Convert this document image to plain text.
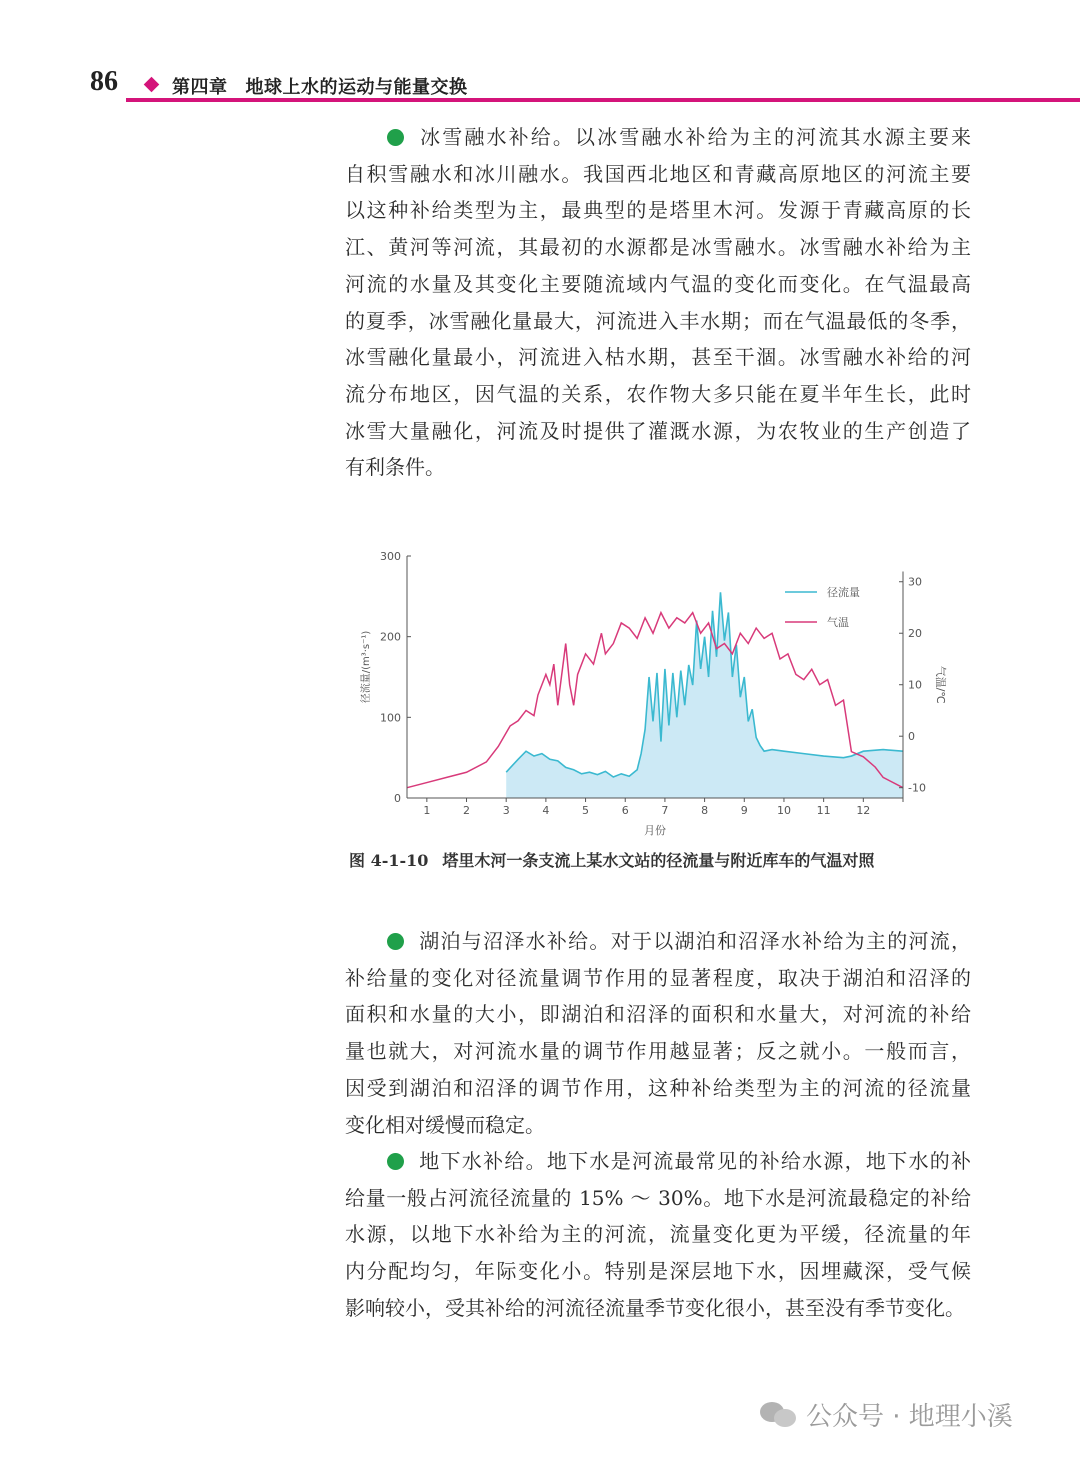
86	第四章 地球上水的运动与能量交换
冰雪融水补给。以冰雪融水补给为主的河流其水源主要来
自积雪融水和冰川融水。我国西北地区和青藏高原地区的河流主要
以这种补给类型为主，最典型的是塔里木河。发源于青藏高原的长
江、黄河等河流，其最初的水源都是冰雪融水。冰雪融水补给为主
河流的水量及其变化主要随流域内气温的变化而变化。在气温最高
的夏季，冰雪融化量最大，河流进入丰水期；而在气温最低的冬季，
冰雪融化量最小，河流进入枯水期，甚至干涸。冰雪融水补给的河
流分布地区，因气温的关系，农作物大多只能在夏半年生长，此时
冰雪大量融化，河流及时提供了灌溉水源，为农牧业的生产创造了
有利条件。
0
100
200
300
-10
0
10
20
30
1	2	3	4	5	6	7	8	9	10 11 12
月份
径流量/(m³·s⁻¹)	气温/℃
径流量
气温
图 4-1-10 塔里木河一条支流上某水文站的径流量与附近库车的气温对照
湖泊与沼泽水补给。对于以湖泊和沼泽水补给为主的河流，
补给量的变化对径流量调节作用的显著程度，取决于湖泊和沼泽的
面积和水量的大小，即湖泊和沼泽的面积和水量大，对河流的补给
量也就大，对河流水量的调节作用越显著；反之就小。一般而言，
因受到湖泊和沼泽的调节作用，这种补给类型为主的河流的径流量
变化相对缓慢而稳定。
地下水补给。地下水是河流最常见的补给水源，地下水的补
给量一般占河流径流量的 15% ～ 30%。地下水是河流最稳定的补给
水源，以地下水补给为主的河流，流量变化更为平缓，径流量的年
内分配均匀，年际变化小。特别是深层地下水，因埋藏深，受气候
影响较小，受其补给的河流径流量季节变化很小，甚至没有季节变化。
公众号 · 地理小溪
